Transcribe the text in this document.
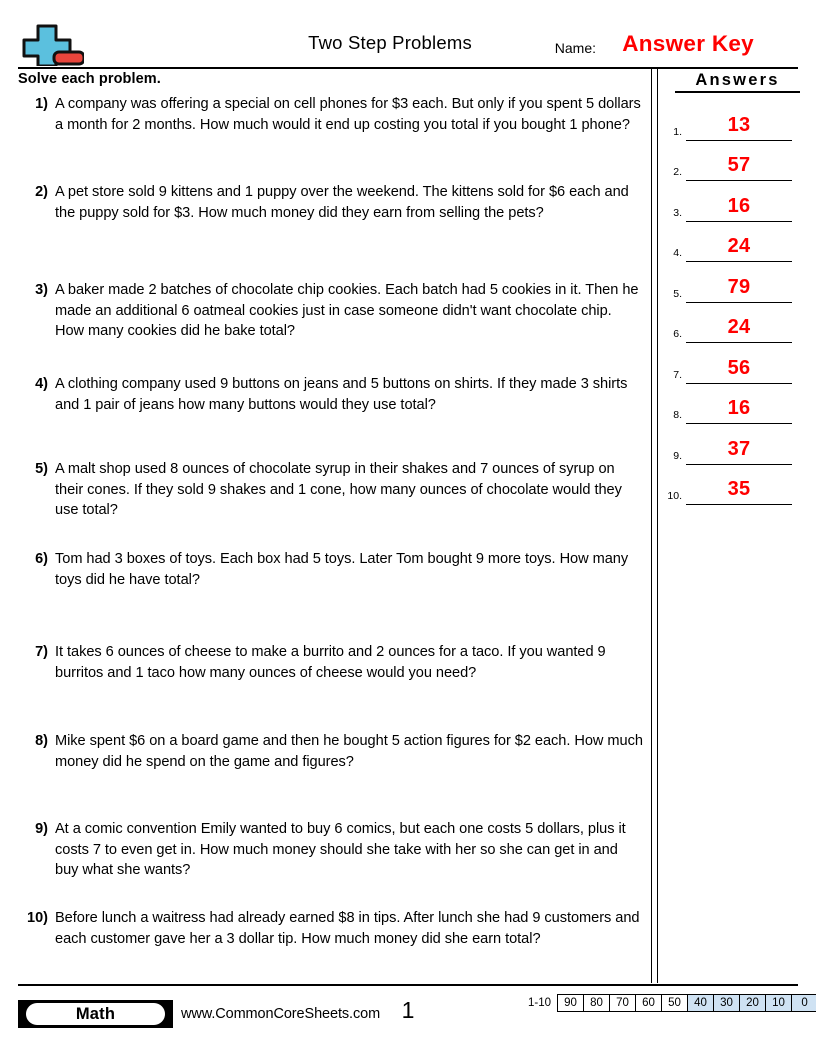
Two Step Problems	Name: Answer Key
Solve each problem.
1) A company was offering a special on cell phones for $3 each. But only if you spent 5 dollars a month for 2 months. How much would it end up costing you total if you bought 1 phone?
2) A pet store sold 9 kittens and 1 puppy over the weekend. The kittens sold for $6 each and the puppy sold for $3. How much money did they earn from selling the pets?
3) A baker made 2 batches of chocolate chip cookies. Each batch had 5 cookies in it. Then he made an additional 6 oatmeal cookies just in case someone didn't want chocolate chip. How many cookies did he bake total?
4) A clothing company used 9 buttons on jeans and 5 buttons on shirts. If they made 3 shirts and 1 pair of jeans how many buttons would they use total?
5) A malt shop used 8 ounces of chocolate syrup in their shakes and 7 ounces of syrup on their cones. If they sold 9 shakes and 1 cone, how many ounces of chocolate would they use total?
6) Tom had 3 boxes of toys. Each box had 5 toys. Later Tom bought 9 more toys. How many toys did he have total?
7) It takes 6 ounces of cheese to make a burrito and 2 ounces for a taco. If you wanted 9 burritos and 1 taco how many ounces of cheese would you need?
8) Mike spent $6 on a board game and then he bought 5 action figures for $2 each. How much money did he spend on the game and figures?
9) At a comic convention Emily wanted to buy 6 comics, but each one costs 5 dollars, plus it costs 7 to even get in. How much money should she take with her so she can get in and buy what she wants?
10) Before lunch a waitress had already earned $8 in tips. After lunch she had 9 customers and each customer gave her a 3 dollar tip. How much money did she earn total?
Answers
1.	13
2.	57
3.	16
4.	24
5.	79
6.	24
7.	56
8.	16
9.	37
10.	35
Math	www.CommonCoreSheets.com 1	1-10	90	80	70	60	50	40	30	20	10	0
